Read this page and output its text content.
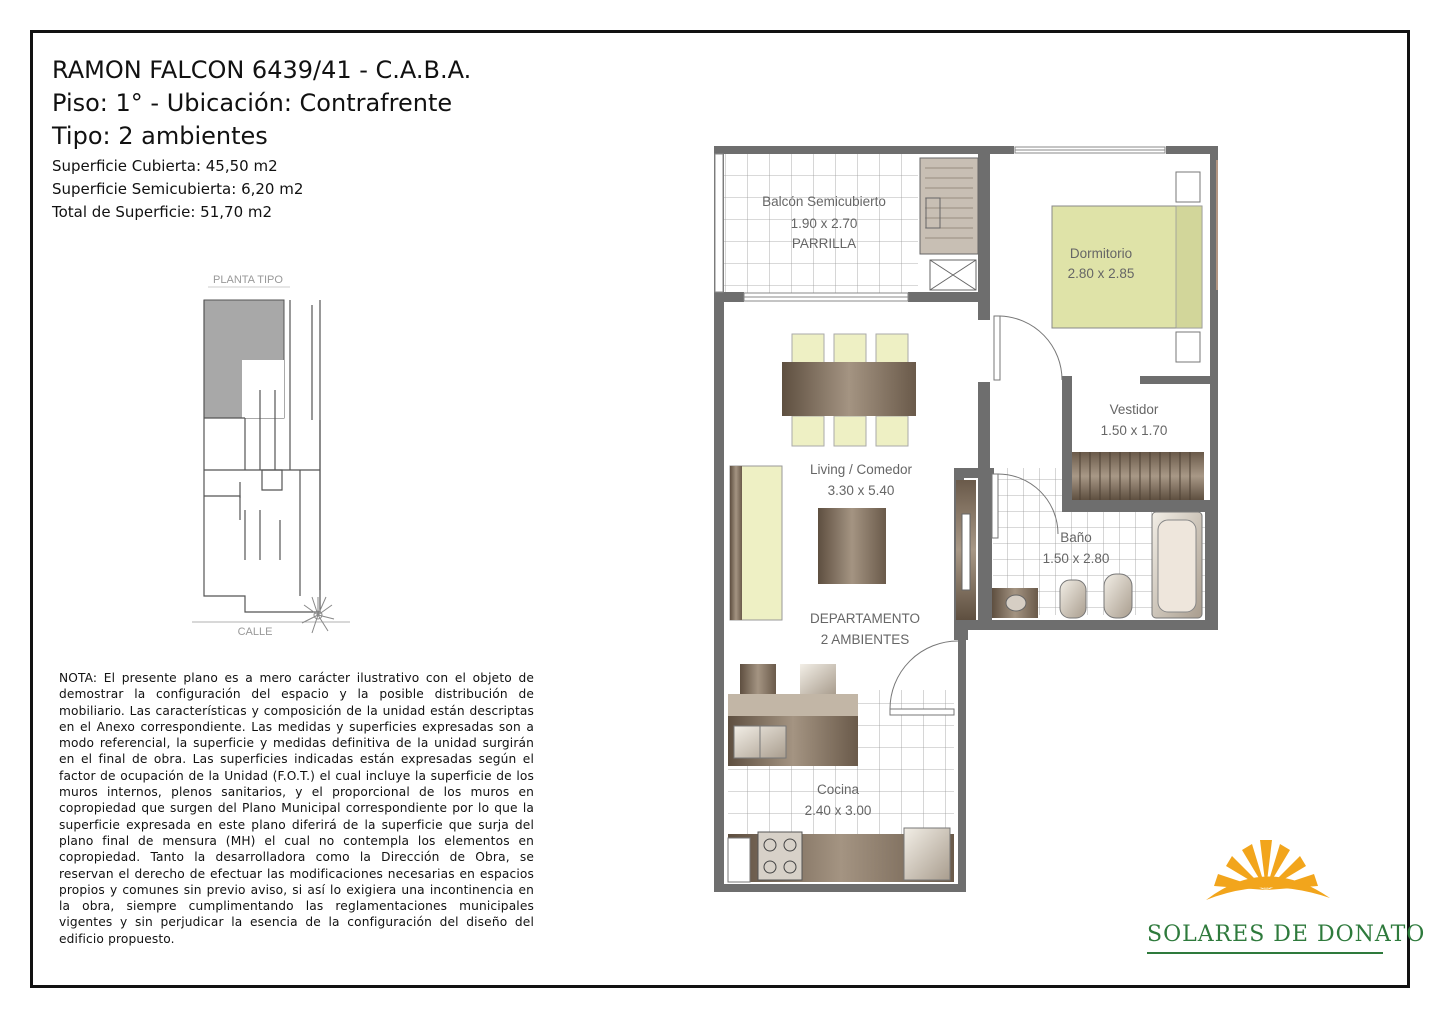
RAMON FALCON 6439/41 - C.A.B.A.
Piso: 1° - Ubicación: Contrafrente
Tipo: 2 ambientes
Superficie Cubierta: 45,50 m2
Superficie Semicubierta: 6,20 m2
Total de Superficie: 51,70 m2
NOTA: El presente plano es a mero carácter ilustrativo con el objeto de demostrar la configuración del espacio y la posible distribución de mobiliario. Las características y composición de la unidad están descriptas en el Anexo correspondiente. Las medidas y superficies expresadas son a modo referencial, la superficie y medidas definitiva de la unidad surgirán en el final de obra. Las superficies indicadas están expresadas según el factor de ocupación de la Unidad (F.O.T.) el cual incluye la superficie de los muros internos, plenos sanitarios, y el proporcional de los muros en copropiedad que surgen del Plano Municipal correspondiente por lo que la superficie expresada en este plano diferirá de la superficie que surja del plano final de mensura (MH) el cual no contempla los elementos en copropiedad. Tanto la desarrolladora como la Dirección de Obra, se reservan el derecho de efectuar las modificaciones necesarias en espacios propios y comunes sin previo aviso, si así lo exigiera una incontinencia en la obra, siempre cumplimentando las reglamentaciones municipales vigentes y sin perjudicar la esencia de la configuración del diseño del edificio propuesto.
PLANTA TIPO
CALLE
Balcón Semicubierto
1.90 x 2.70
PARRILLA
Dormitorio
2.80 x 2.85
Vestidor
1.50 x 1.70
Living / Comedor
3.30 x 5.40
Baño
1.50 x 2.80
DEPARTAMENTO
2 AMBIENTES
Cocina
2.40 x 3.00
SOLARES DE DONATO
